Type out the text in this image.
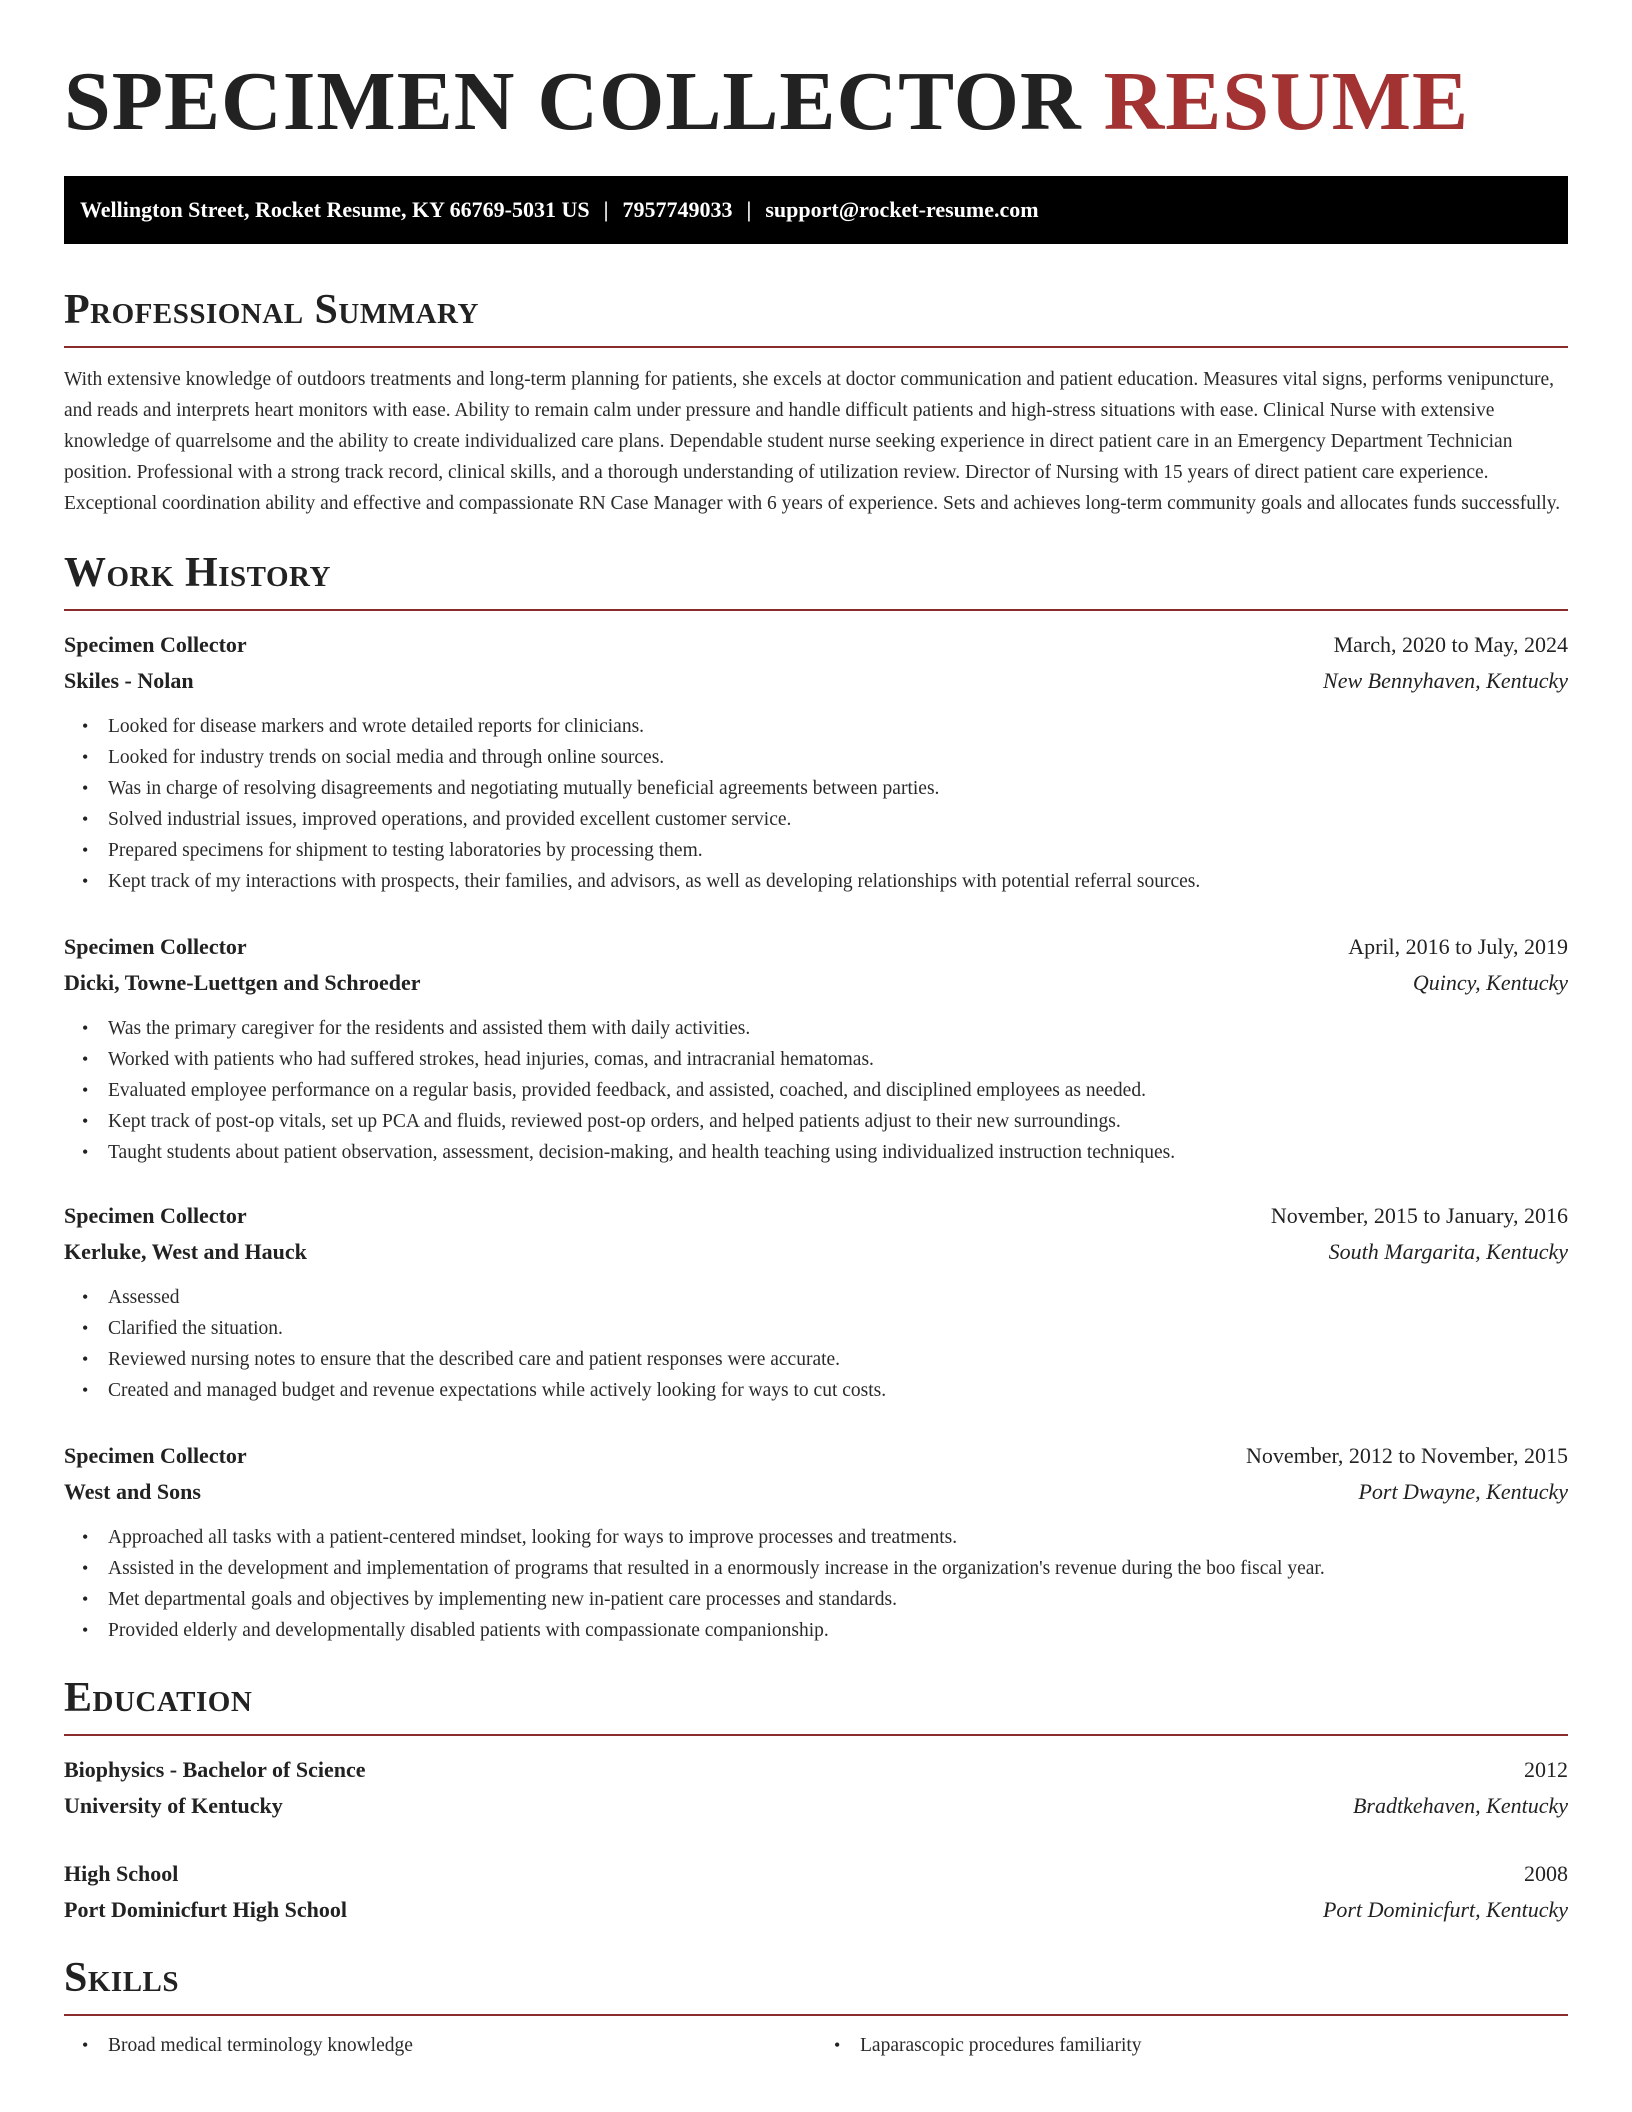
SPECIMEN COLLECTOR RESUME
Wellington Street, Rocket Resume, KY 66769-5031 US | 7957749033 | support@rocket-resume.com
Professional Summary

With extensive knowledge of outdoors treatments and long-term planning for patients, she excels at doctor communication and patient education. Measures vital signs, performs venipuncture, and reads and interprets heart monitors with ease. Ability to remain calm under pressure and handle difficult patients and high-stress situations with ease. Clinical Nurse with extensive knowledge of quarrelsome and the ability to create individualized care plans. Dependable student nurse seeking experience in direct patient care in an Emergency Department Technician position. Professional with a strong track record, clinical skills, and a thorough understanding of utilization review. Director of Nursing with 15 years of direct patient care experience. Exceptional coordination ability and effective and compassionate RN Case Manager with 6 years of experience. Sets and achieves long-term community goals and allocates funds successfully.

Work History
Specimen Collector	March, 2020 to May, 2024
Skiles - Nolan	New Bennyhaven, Kentucky
• Looked for disease markers and wrote detailed reports for clinicians.
• Looked for industry trends on social media and through online sources.
• Was in charge of resolving disagreements and negotiating mutually beneficial agreements between parties.
• Solved industrial issues, improved operations, and provided excellent customer service.
• Prepared specimens for shipment to testing laboratories by processing them.
• Kept track of my interactions with prospects, their families, and advisors, as well as developing relationships with potential referral sources.
Specimen Collector	April, 2016 to July, 2019
Dicki, Towne-Luettgen and Schroeder	Quincy, Kentucky
• Was the primary caregiver for the residents and assisted them with daily activities.
• Worked with patients who had suffered strokes, head injuries, comas, and intracranial hematomas.
• Evaluated employee performance on a regular basis, provided feedback, and assisted, coached, and disciplined employees as needed.
• Kept track of post-op vitals, set up PCA and fluids, reviewed post-op orders, and helped patients adjust to their new surroundings.
• Taught students about patient observation, assessment, decision-making, and health teaching using individualized instruction techniques.
Specimen Collector	November, 2015 to January, 2016
Kerluke, West and Hauck	South Margarita, Kentucky
• Assessed
• Clarified the situation.
• Reviewed nursing notes to ensure that the described care and patient responses were accurate.
• Created and managed budget and revenue expectations while actively looking for ways to cut costs.
Specimen Collector	November, 2012 to November, 2015
West and Sons	Port Dwayne, Kentucky
• Approached all tasks with a patient-centered mindset, looking for ways to improve processes and treatments.
• Assisted in the development and implementation of programs that resulted in a enormously increase in the organization's revenue during the boo fiscal year.
• Met departmental goals and objectives by implementing new in-patient care processes and standards.
• Provided elderly and developmentally disabled patients with compassionate companionship.
Education
Biophysics - Bachelor of Science	2012
University of Kentucky	Bradtkehaven, Kentucky
High School	2008
Port Dominicfurt High School	Port Dominicfurt, Kentucky
Skills
• Broad medical terminology knowledge
•	Laparascopic procedures familiarity
